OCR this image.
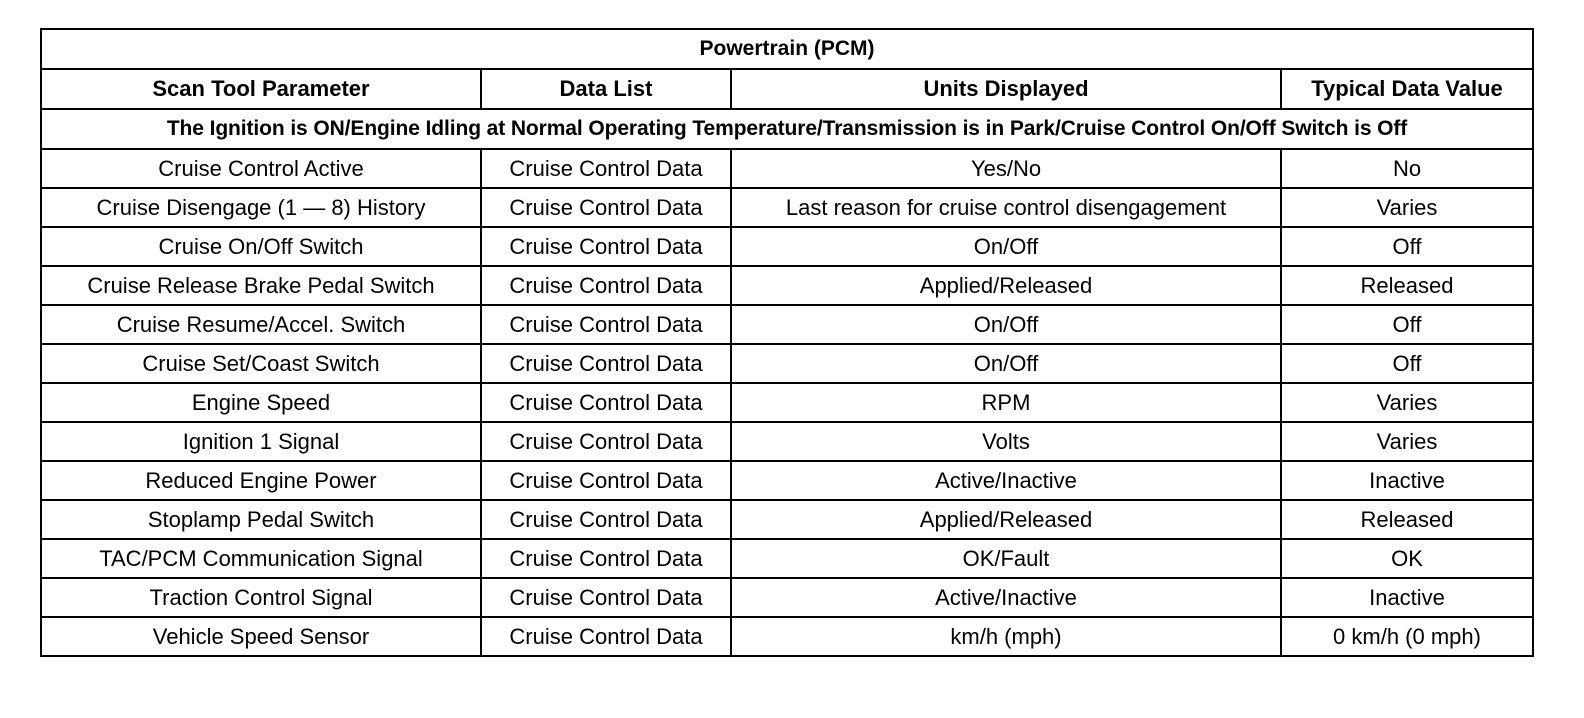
Powertrain (PCM)			
Scan Tool Parameter	Data List	Units Displayed	Typical Data Value
The Ignition is ON/Engine Idling at Normal Operating Temperature/Transmission is in Park/Cruise Control On/Off Switch is Off			
Cruise Control Active	Cruise Control Data	Yes/No	No
Cruise Disengage (1 — 8) History	Cruise Control Data	Last reason for cruise control disengagement	Varies
Cruise On/Off Switch	Cruise Control Data	On/Off	Off
Cruise Release Brake Pedal Switch	Cruise Control Data	Applied/Released	Released
Cruise Resume/Accel. Switch	Cruise Control Data	On/Off	Off
Cruise Set/Coast Switch	Cruise Control Data	On/Off	Off
Engine Speed	Cruise Control Data	RPM	Varies
Ignition 1 Signal	Cruise Control Data	Volts	Varies
Reduced Engine Power	Cruise Control Data	Active/Inactive	Inactive
Stoplamp Pedal Switch	Cruise Control Data	Applied/Released	Released
TAC/PCM Communication Signal	Cruise Control Data	OK/Fault	OK
Traction Control Signal	Cruise Control Data	Active/Inactive	Inactive
Vehicle Speed Sensor	Cruise Control Data	km/h (mph)	0 km/h (0 mph)
